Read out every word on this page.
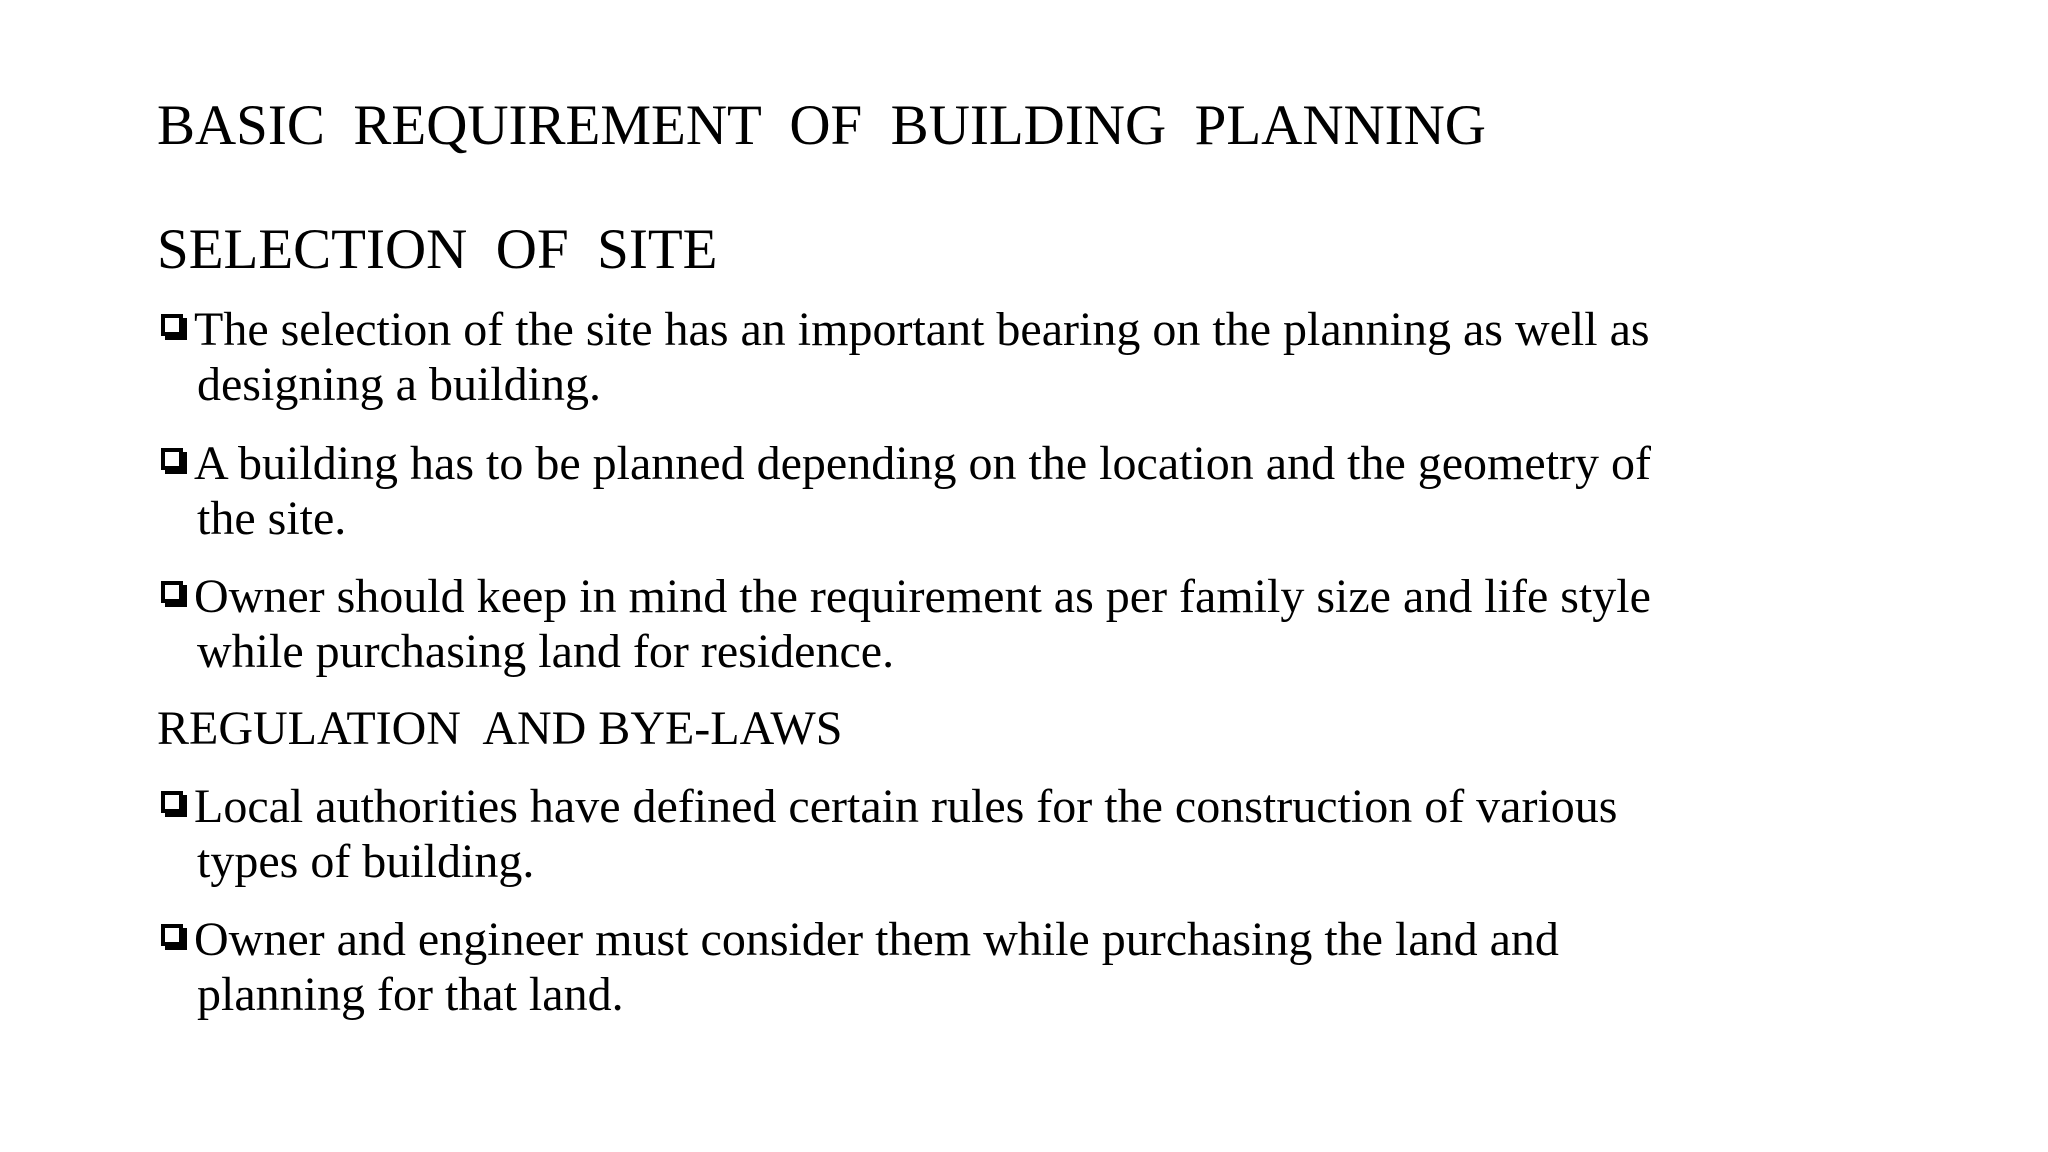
BASIC  REQUIREMENT  OF  BUILDING  PLANNING
SELECTION  OF  SITE
The selection of the site has an important bearing on the planning as well as
designing a building.
A building has to be planned depending on the location and the geometry of
the site.
Owner should keep in mind the requirement as per family size and life style
while purchasing land for residence.
REGULATION  AND BYE-LAWS
Local authorities have defined certain rules for the construction of various
types of building.
Owner and engineer must consider them while purchasing the land and
planning for that land.
